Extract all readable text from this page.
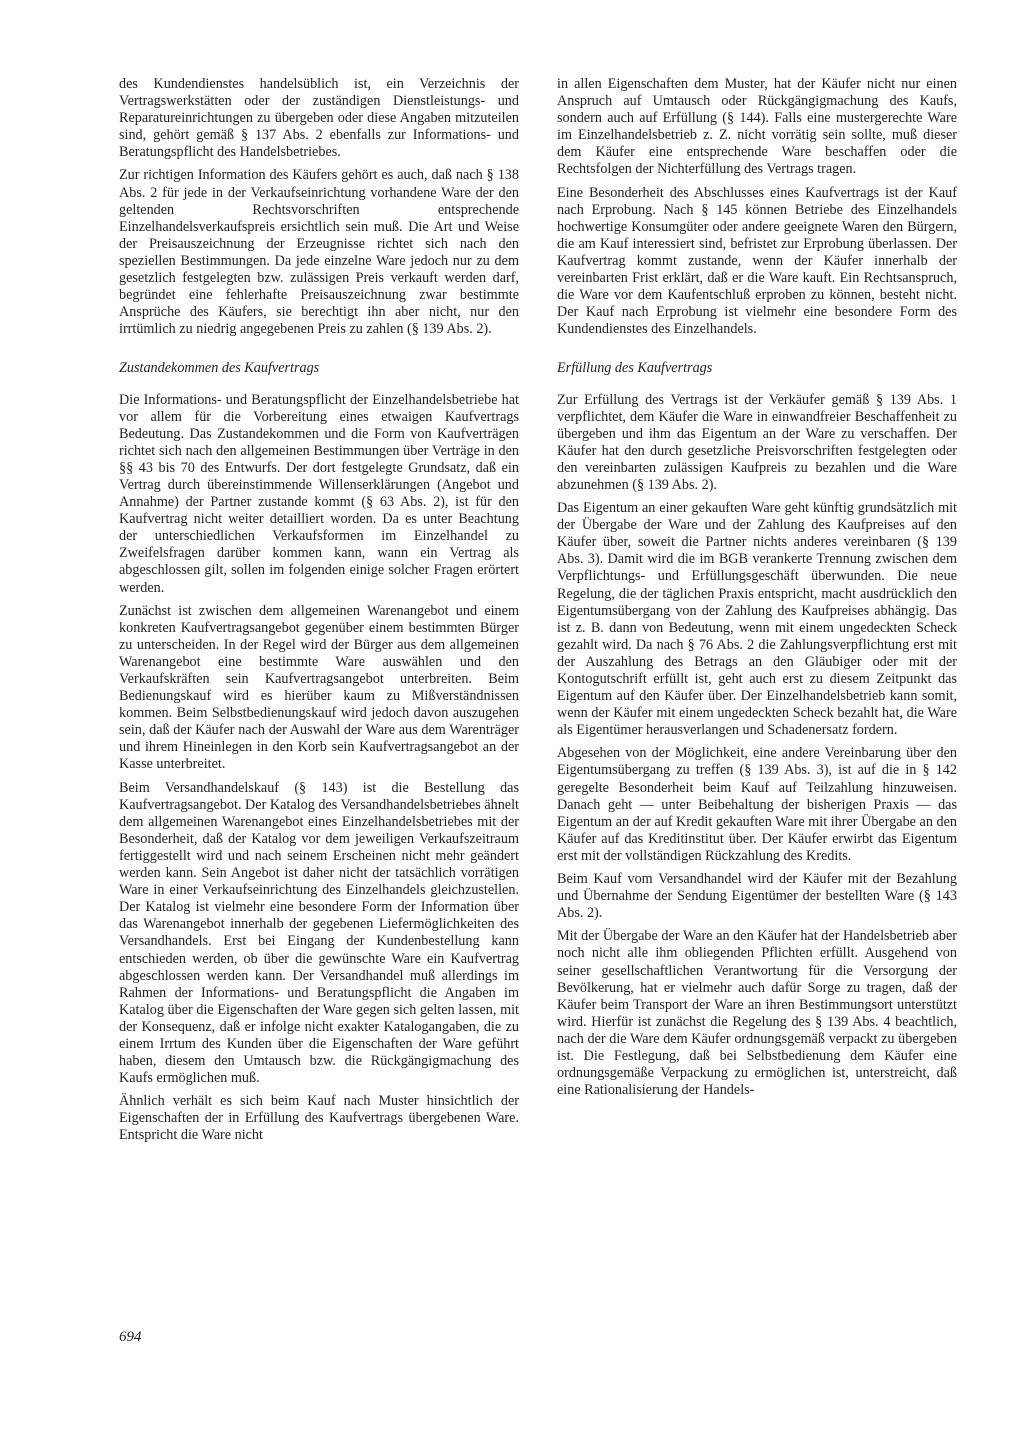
des Kundendienstes handelsüblich ist, ein Verzeichnis der Vertragswerkstätten oder der zuständigen Dienstleistungs- und Reparatureinrichtungen zu übergeben oder diese Angaben mitzuteilen sind, gehört gemäß § 137 Abs. 2 ebenfalls zur Informations- und Beratungspflicht des Handelsbetriebes.

Zur richtigen Information des Käufers gehört es auch, daß nach § 138 Abs. 2 für jede in der Verkaufseinrichtung vorhandene Ware der den geltenden Rechtsvorschriften entsprechende Einzelhandelsverkaufspreis ersichtlich sein muß. Die Art und Weise der Preisauszeichnung der Erzeugnisse richtet sich nach den speziellen Bestimmungen. Da jede einzelne Ware jedoch nur zu dem gesetzlich festgelegten bzw. zulässigen Preis verkauft werden darf, begründet eine fehlerhafte Preisauszeichnung zwar bestimmte Ansprüche des Käufers, sie berechtigt ihn aber nicht, nur den irrtümlich zu niedrig angegebenen Preis zu zahlen (§ 139 Abs. 2).

Zustandekommen des Kaufvertrags

Die Informations- und Beratungspflicht der Einzelhandelsbetriebe hat vor allem für die Vorbereitung eines etwaigen Kaufvertrags Bedeutung. Das Zustandekommen und die Form von Kaufverträgen richtet sich nach den allgemeinen Bestimmungen über Verträge in den §§ 43 bis 70 des Entwurfs. Der dort festgelegte Grundsatz, daß ein Vertrag durch übereinstimmende Willenserklärungen (Angebot und Annahme) der Partner zustande kommt (§ 63 Abs. 2), ist für den Kaufvertrag nicht weiter detailliert worden. Da es unter Beachtung der unterschiedlichen Verkaufsformen im Einzelhandel zu Zweifelsfragen darüber kommen kann, wann ein Vertrag als abgeschlossen gilt, sollen im folgenden einige solcher Fragen erörtert werden.

Zunächst ist zwischen dem allgemeinen Warenangebot und einem konkreten Kaufvertragsangebot gegenüber einem bestimmten Bürger zu unterscheiden. In der Regel wird der Bürger aus dem allgemeinen Warenangebot eine bestimmte Ware auswählen und den Verkaufskräften sein Kaufvertragsangebot unterbreiten. Beim Bedienungskauf wird es hierüber kaum zu Mißverständnissen kommen. Beim Selbstbedienungskauf wird jedoch davon auszugehen sein, daß der Käufer nach der Auswahl der Ware aus dem Warenträger und ihrem Hineinlegen in den Korb sein Kaufvertragsangebot an der Kasse unterbreitet.

Beim Versandhandelskauf (§ 143) ist die Bestellung das Kaufvertragsangebot. Der Katalog des Versandhandelsbetriebes ähnelt dem allgemeinen Warenangebot eines Einzelhandelsbetriebes mit der Besonderheit, daß der Katalog vor dem jeweiligen Verkaufszeitraum fertiggestellt wird und nach seinem Erscheinen nicht mehr geändert werden kann. Sein Angebot ist daher nicht der tatsächlich vorrätigen Ware in einer Verkaufseinrichtung des Einzelhandels gleichzustellen. Der Katalog ist vielmehr eine besondere Form der Information über das Warenangebot innerhalb der gegebenen Liefermöglichkeiten des Versandhandels. Erst bei Eingang der Kundenbestellung kann entschieden werden, ob über die gewünschte Ware ein Kaufvertrag abgeschlossen werden kann. Der Versandhandel muß allerdings im Rahmen der Informations- und Beratungspflicht die Angaben im Katalog über die Eigenschaften der Ware gegen sich gelten lassen, mit der Konsequenz, daß er infolge nicht exakter Katalogangaben, die zu einem Irrtum des Kunden über die Eigenschaften der Ware geführt haben, diesem den Umtausch bzw. die Rückgängigmachung des Kaufs ermöglichen muß.

Ähnlich verhält es sich beim Kauf nach Muster hinsichtlich der Eigenschaften der in Erfüllung des Kaufvertrags übergebenen Ware. Entspricht die Ware nicht

in allen Eigenschaften dem Muster, hat der Käufer nicht nur einen Anspruch auf Umtausch oder Rückgängigmachung des Kaufs, sondern auch auf Erfüllung (§ 144). Falls eine mustergerechte Ware im Einzelhandelsbetrieb z. Z. nicht vorrätig sein sollte, muß dieser dem Käufer eine entsprechende Ware beschaffen oder die Rechtsfolgen der Nichterfüllung des Vertrags tragen.

Eine Besonderheit des Abschlusses eines Kaufvertrags ist der Kauf nach Erprobung. Nach § 145 können Betriebe des Einzelhandels hochwertige Konsumgüter oder andere geeignete Waren den Bürgern, die am Kauf interessiert sind, befristet zur Erprobung überlassen. Der Kaufvertrag kommt zustande, wenn der Käufer innerhalb der vereinbarten Frist erklärt, daß er die Ware kauft. Ein Rechtsanspruch, die Ware vor dem Kaufentschluß erproben zu können, besteht nicht. Der Kauf nach Erprobung ist vielmehr eine besondere Form des Kundendienstes des Einzelhandels.

Erfüllung des Kaufvertrags

Zur Erfüllung des Vertrags ist der Verkäufer gemäß § 139 Abs. 1 verpflichtet, dem Käufer die Ware in einwandfreier Beschaffenheit zu übergeben und ihm das Eigentum an der Ware zu verschaffen. Der Käufer hat den durch gesetzliche Preisvorschriften festgelegten oder den vereinbarten zulässigen Kaufpreis zu bezahlen und die Ware abzunehmen (§ 139 Abs. 2).

Das Eigentum an einer gekauften Ware geht künftig grundsätzlich mit der Übergabe der Ware und der Zahlung des Kaufpreises auf den Käufer über, soweit die Partner nichts anderes vereinbaren (§ 139 Abs. 3). Damit wird die im BGB verankerte Trennung zwischen dem Verpflichtungs- und Erfüllungsgeschäft überwunden. Die neue Regelung, die der täglichen Praxis entspricht, macht ausdrücklich den Eigentumsübergang von der Zahlung des Kaufpreises abhängig. Das ist z. B. dann von Bedeutung, wenn mit einem ungedeckten Scheck gezahlt wird. Da nach § 76 Abs. 2 die Zahlungsverpflichtung erst mit der Auszahlung des Betrags an den Gläubiger oder mit der Kontogutschrift erfüllt ist, geht auch erst zu diesem Zeitpunkt das Eigentum auf den Käufer über. Der Einzelhandelsbetrieb kann somit, wenn der Käufer mit einem ungedeckten Scheck bezahlt hat, die Ware als Eigentümer herausverlangen und Schadenersatz fordern.

Abgesehen von der Möglichkeit, eine andere Vereinbarung über den Eigentumsübergang zu treffen (§ 139 Abs. 3), ist auf die in § 142 geregelte Besonderheit beim Kauf auf Teilzahlung hinzuweisen. Danach geht — unter Beibehaltung der bisherigen Praxis — das Eigentum an der auf Kredit gekauften Ware mit ihrer Übergabe an den Käufer auf das Kreditinstitut über. Der Käufer erwirbt das Eigentum erst mit der vollständigen Rückzahlung des Kredits.

Beim Kauf vom Versandhandel wird der Käufer mit der Bezahlung und Übernahme der Sendung Eigentümer der bestellten Ware (§ 143 Abs. 2).

Mit der Übergabe der Ware an den Käufer hat der Handelsbetrieb aber noch nicht alle ihm obliegenden Pflichten erfüllt. Ausgehend von seiner gesellschaftlichen Verantwortung für die Versorgung der Bevölkerung, hat er vielmehr auch dafür Sorge zu tragen, daß der Käufer beim Transport der Ware an ihren Bestimmungsort unterstützt wird. Hierfür ist zunächst die Regelung des § 139 Abs. 4 beachtlich, nach der die Ware dem Käufer ordnungsgemäß verpackt zu übergeben ist. Die Festlegung, daß bei Selbstbedienung dem Käufer eine ordnungsgemäße Verpackung zu ermöglichen ist, unterstreicht, daß eine Rationalisierung der Handels-

694
